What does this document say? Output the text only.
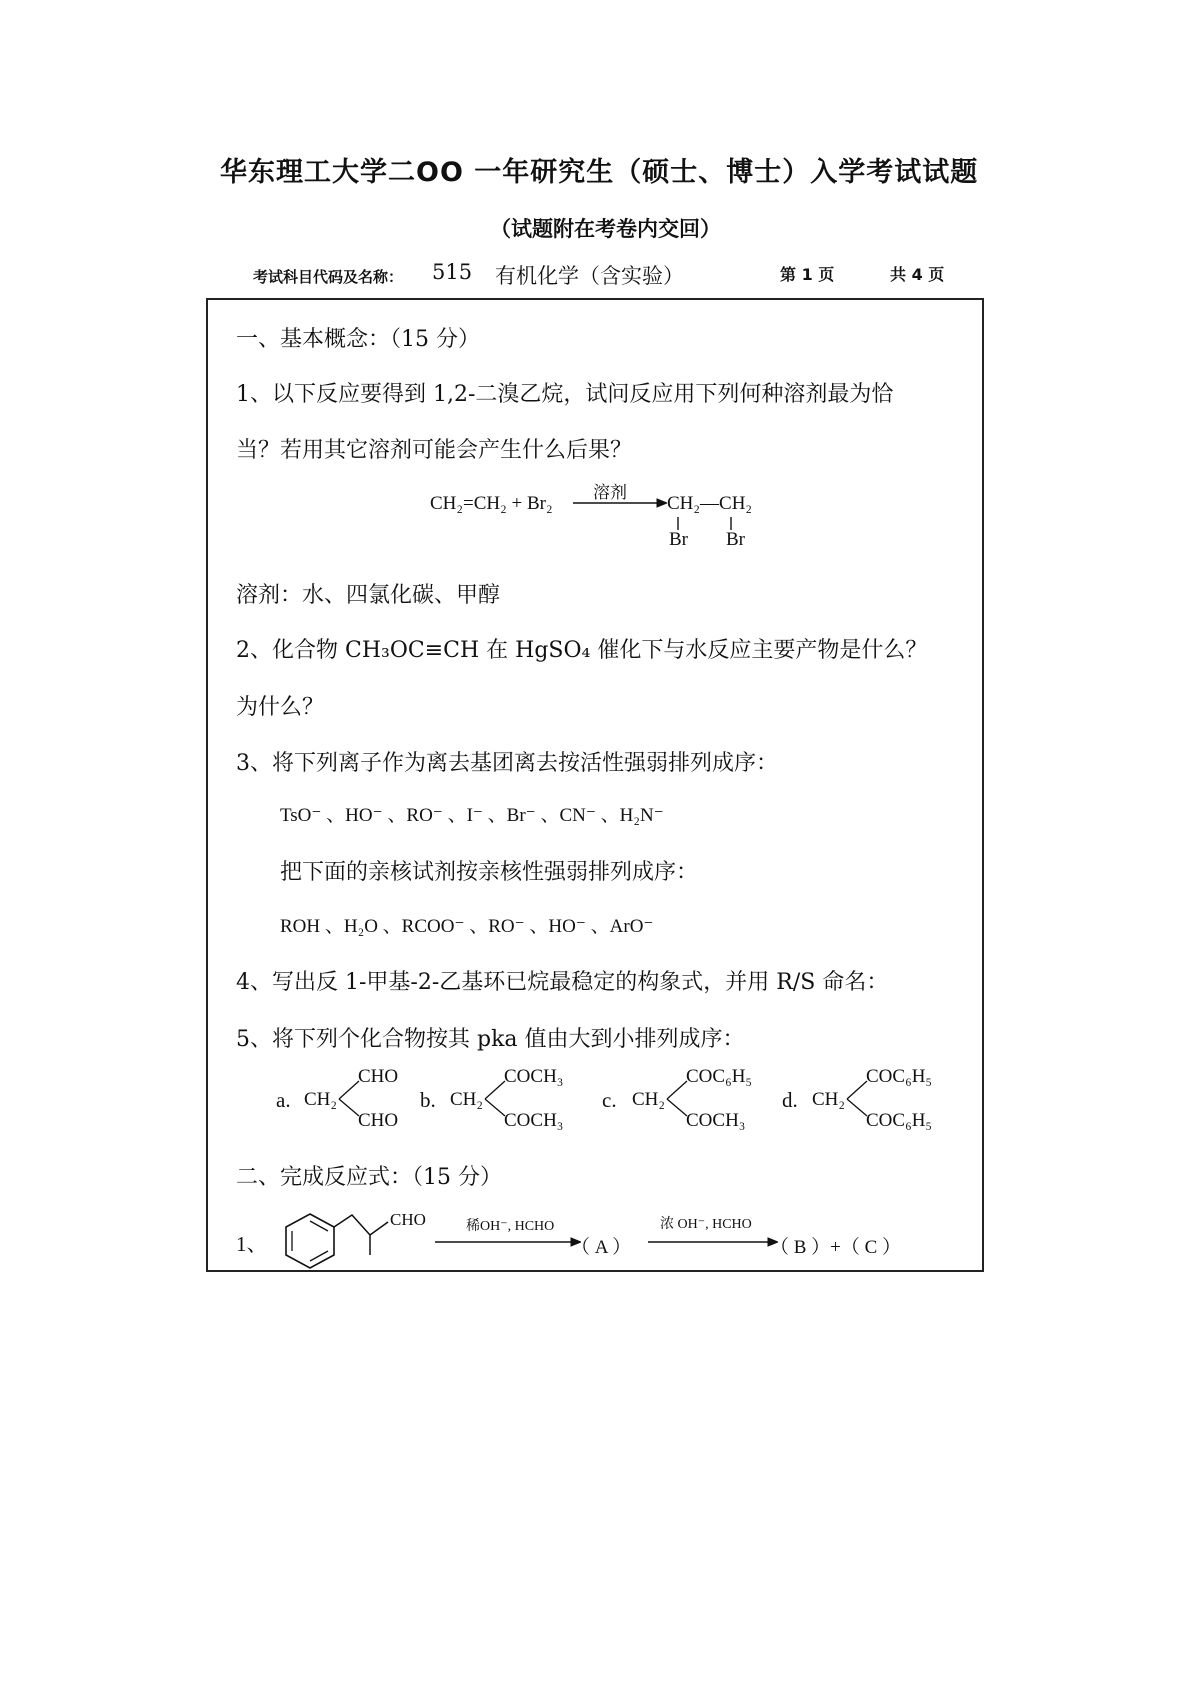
华东理工大学二OO 一年研究生（硕士、博士）入学考试试题
（试题附在考卷内交回）
考试科目代码及名称： 515 有机化学（含实验）	第 1 页	共 4 页
一、基本概念：（15 分）
1、以下反应要得到 1,2-二溴乙烷，试问反应用下列何种溶剂最为恰
当？若用其它溶剂可能会产生什么后果？
CH₂=CH₂ + Br₂
溶剂
CH₂—CH₂
Br Br
溶剂：水、四氯化碳、甲醇
2、化合物 CH₃OC≡CH 在 HgSO₄ 催化下与水反应主要产物是什么？
为什么？
3、将下列离子作为离去基团离去按活性强弱排列成序：
TsO⁻ 、HO⁻ 、RO⁻ 、I⁻ 、Br⁻ 、CN⁻ 、H₂N⁻
把下面的亲核试剂按亲核性强弱排列成序：
ROH 、H₂O 、RCOO⁻ 、RO⁻ 、HO⁻ 、ArO⁻
4、写出反 1-甲基-2-乙基环已烷最稳定的构象式，并用 R/S 命名：
5、将下列个化合物按其 pka 值由大到小排列成序：
a. CH₂
CHO
CHO
b. CH₂
COCH₃
COCH₃
c. CH₂
COC₆H₅
COCH₃
d. CH₂
COC₆H₅
COC₆H₅
二、完成反应式：（15 分）
1、
CHO	稀OH⁻, HCHO
（ A ）
浓 OH⁻, HCHO
（ B ）+（ C ）
